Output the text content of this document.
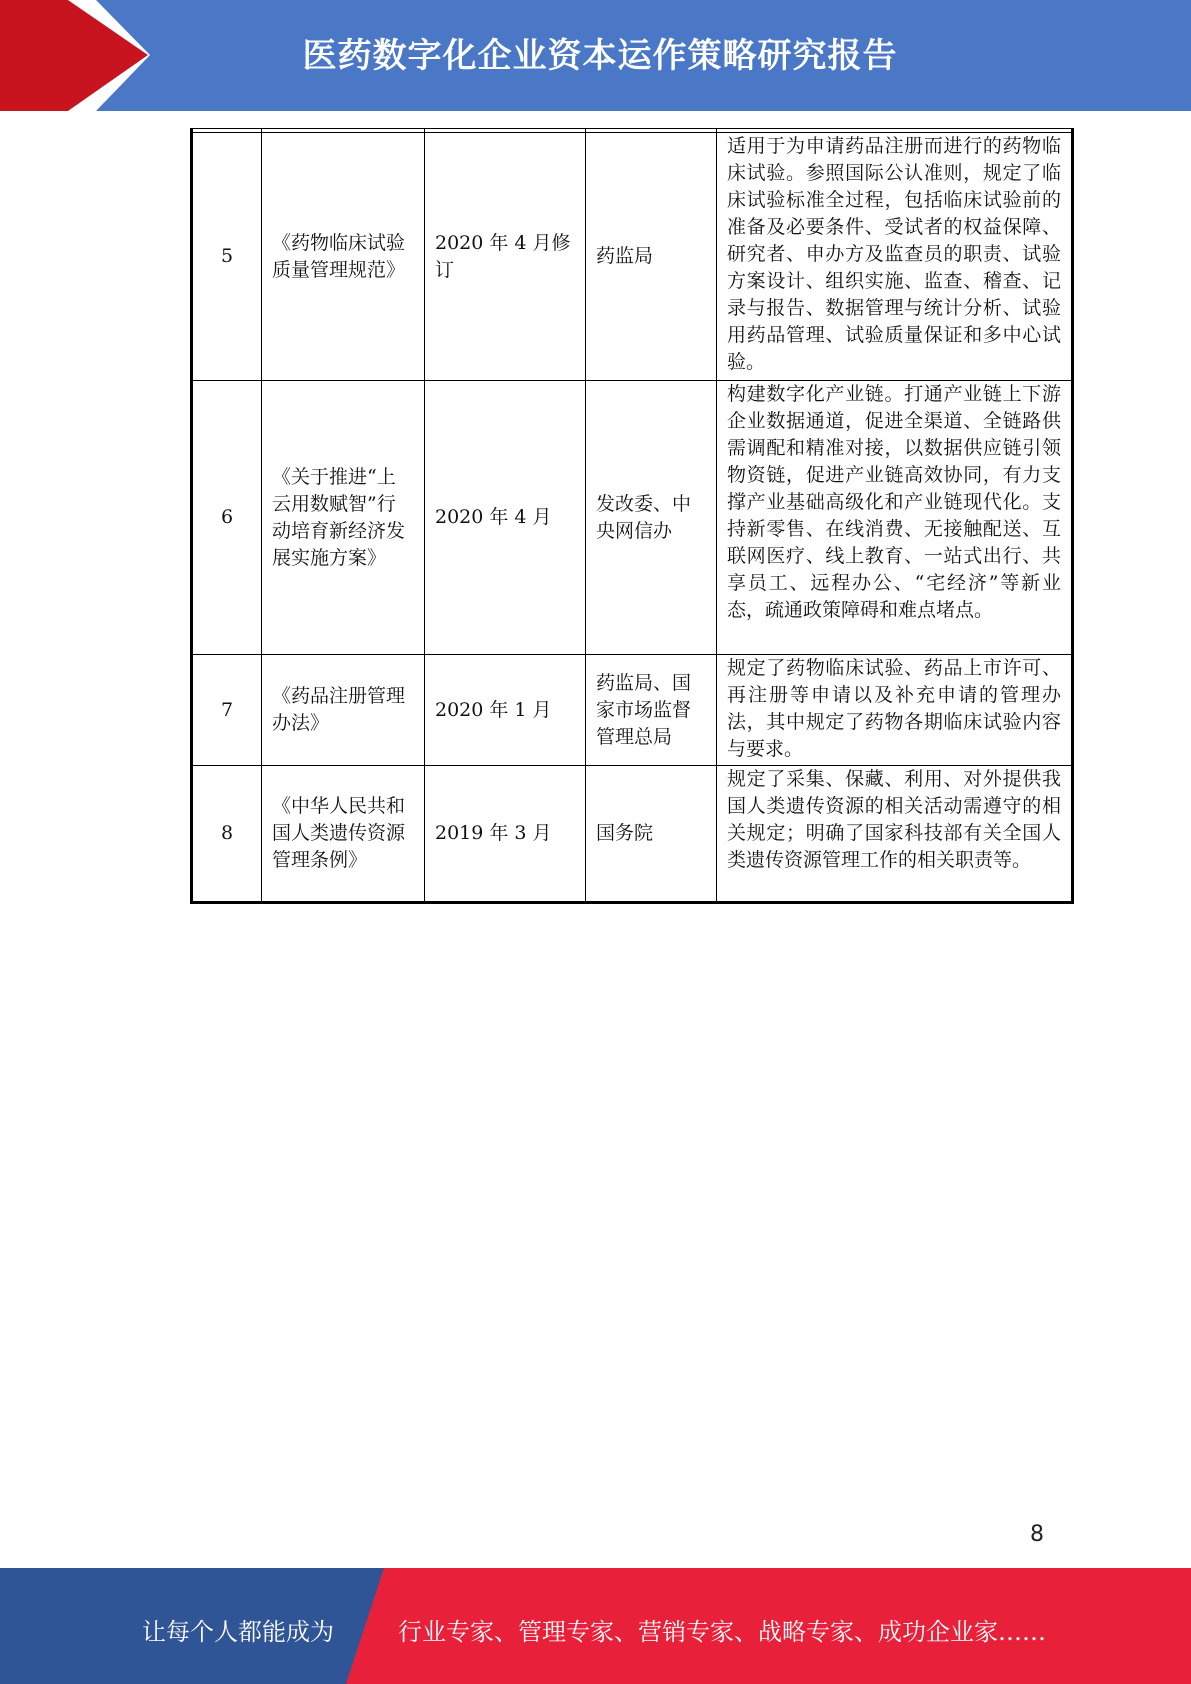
医药数字化企业资本运作策略研究报告

5	《药物临床试验质量管理规范》	2020 年 4 月修订	药监局	适用于为申请药品注册而进行的药物临床试验。参照国际公认准则，规定了临床试验标准全过程，包括临床试验前的准备及必要条件、受试者的权益保障、研究者、申办方及监查员的职责、试验方案设计、组织实施、监查、稽查、记录与报告、数据管理与统计分析、试验用药品管理、试验质量保证和多中心试验。
6	《关于推进“上云用数赋智”行动培育新经济发展实施方案》	2020 年 4 月	发改委、中央网信办	构建数字化产业链。打通产业链上下游企业数据通道，促进全渠道、全链路供需调配和精准对接，以数据供应链引领物资链，促进产业链高效协同，有力支撑产业基础高级化和产业链现代化。支持新零售、在线消费、无接触配送、互联网医疗、线上教育、一站式出行、共享员工、远程办公、“宅经济”等新业态，疏通政策障碍和难点堵点。
7	《药品注册管理办法》	2020 年 1 月	药监局、国家市场监督管理总局	规定了药物临床试验、药品上市许可、再注册等申请以及补充申请的管理办法，其中规定了药物各期临床试验内容与要求。
8	《中华人民共和国人类遗传资源管理条例》	2019 年 3 月	国务院	规定了采集、保藏、利用、对外提供我国人类遗传资源的相关活动需遵守的相关规定；明确了国家科技部有关全国人类遗传资源管理工作的相关职责等。
8
让每个人都能成为	行业专家、管理专家、营销专家、战略专家、成功企业家……
